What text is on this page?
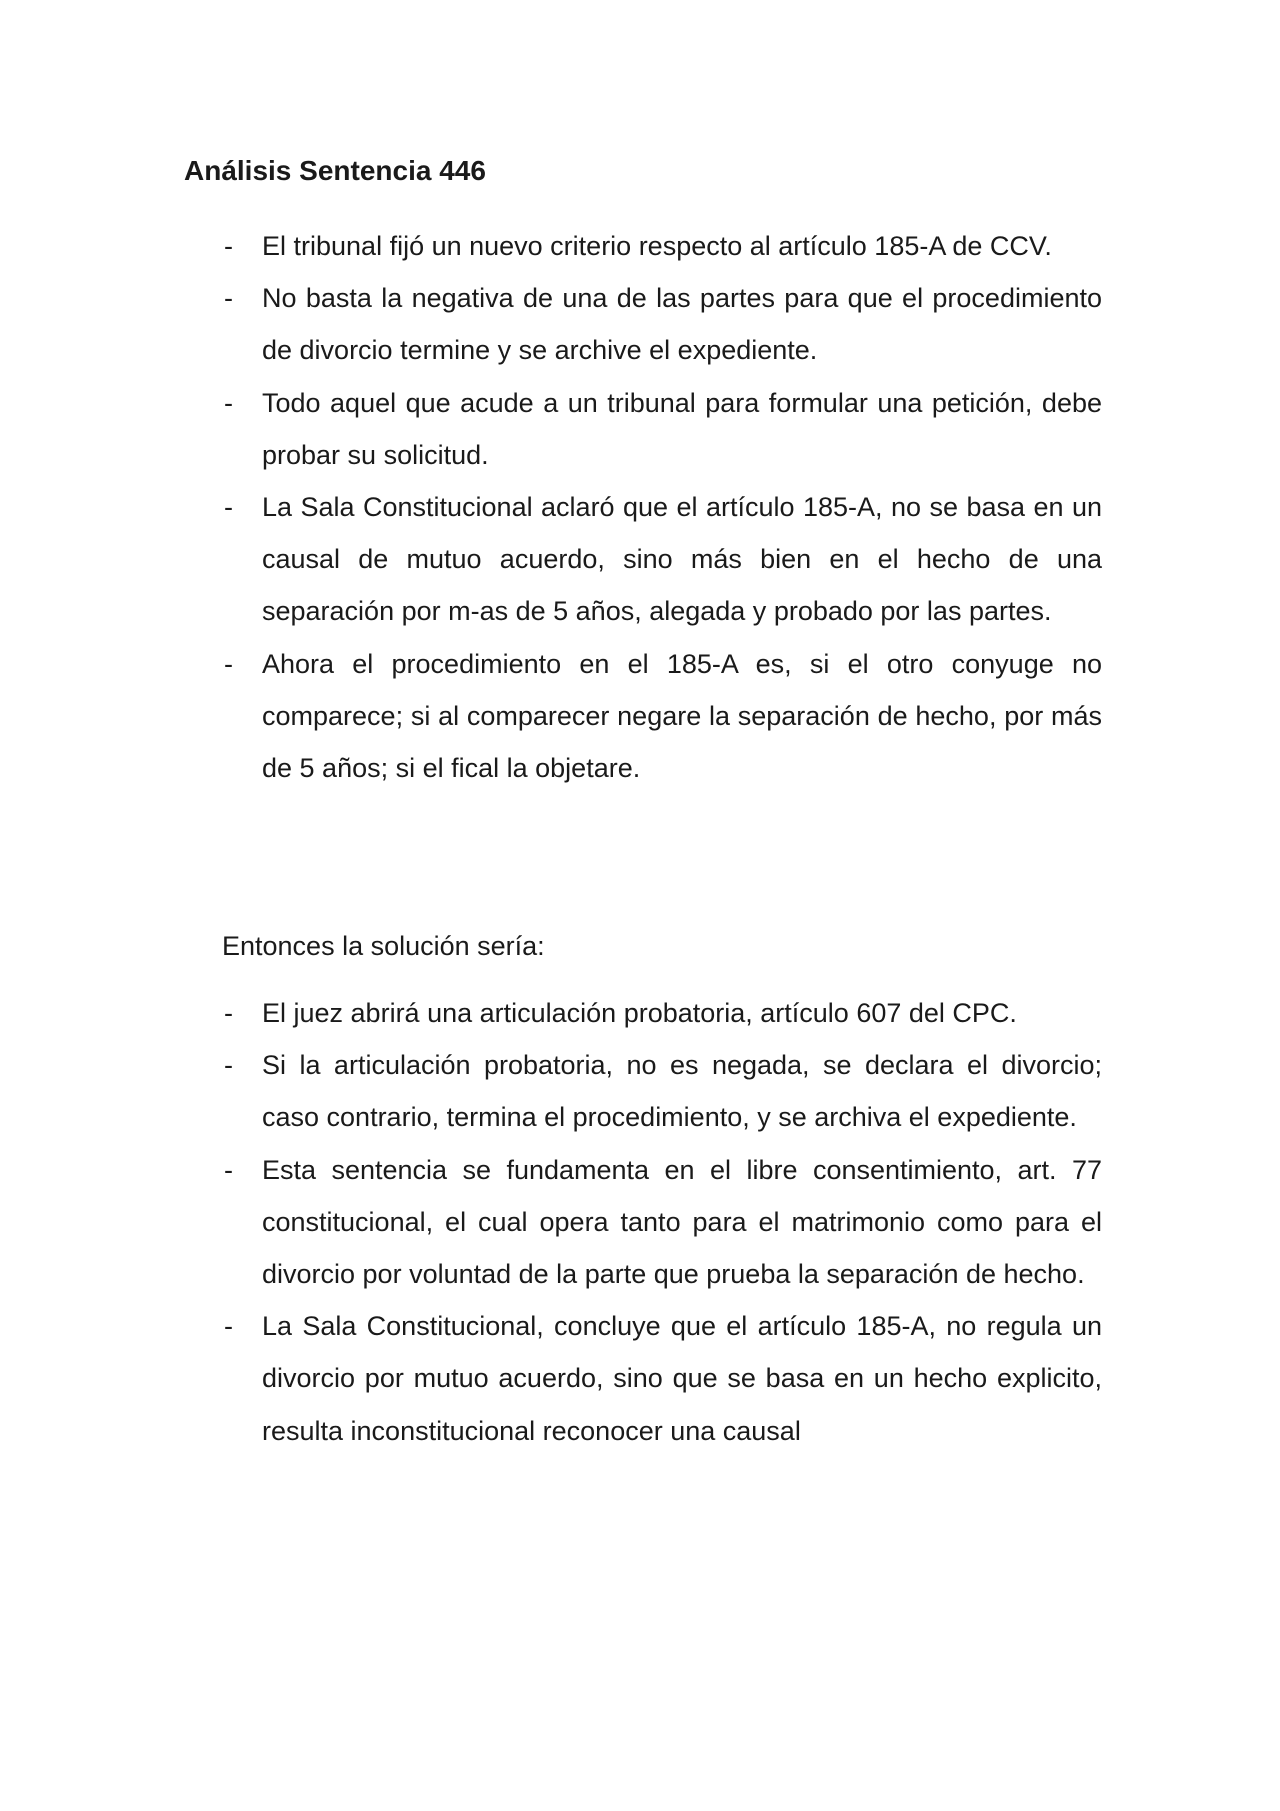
Análisis Sentencia 446
- El tribunal fijó un nuevo criterio respecto al artículo 185-A de CCV.
- No basta la negativa de una de las partes para que el procedimiento de divorcio termine y se archive el expediente.
- Todo aquel que acude a un tribunal para formular una petición, debe probar su solicitud.
- La Sala Constitucional aclaró que el artículo 185-A, no se basa en un causal de mutuo acuerdo, sino más bien en el hecho de una separación por m-as de 5 años, alegada y probado por las partes.
- Ahora el procedimiento en el 185-A es, si el otro conyuge no comparece; si al comparecer negare la separación de hecho, por más de 5 años; si el fical la objetare.

Entonces la solución sería:

- El juez abrirá una articulación probatoria, artículo 607 del CPC.
- Si la articulación probatoria, no es negada, se declara el divorcio; caso contrario, termina el procedimiento, y se archiva el expediente.
- Esta sentencia se fundamenta en el libre consentimiento, art. 77 constitucional, el cual opera tanto para el matrimonio como para el divorcio por voluntad de la parte que prueba la separación de hecho.
- La Sala Constitucional, concluye que el artículo 185-A, no regula un divorcio por mutuo acuerdo, sino que se basa en un hecho explicito, resulta inconstitucional reconocer una causal
